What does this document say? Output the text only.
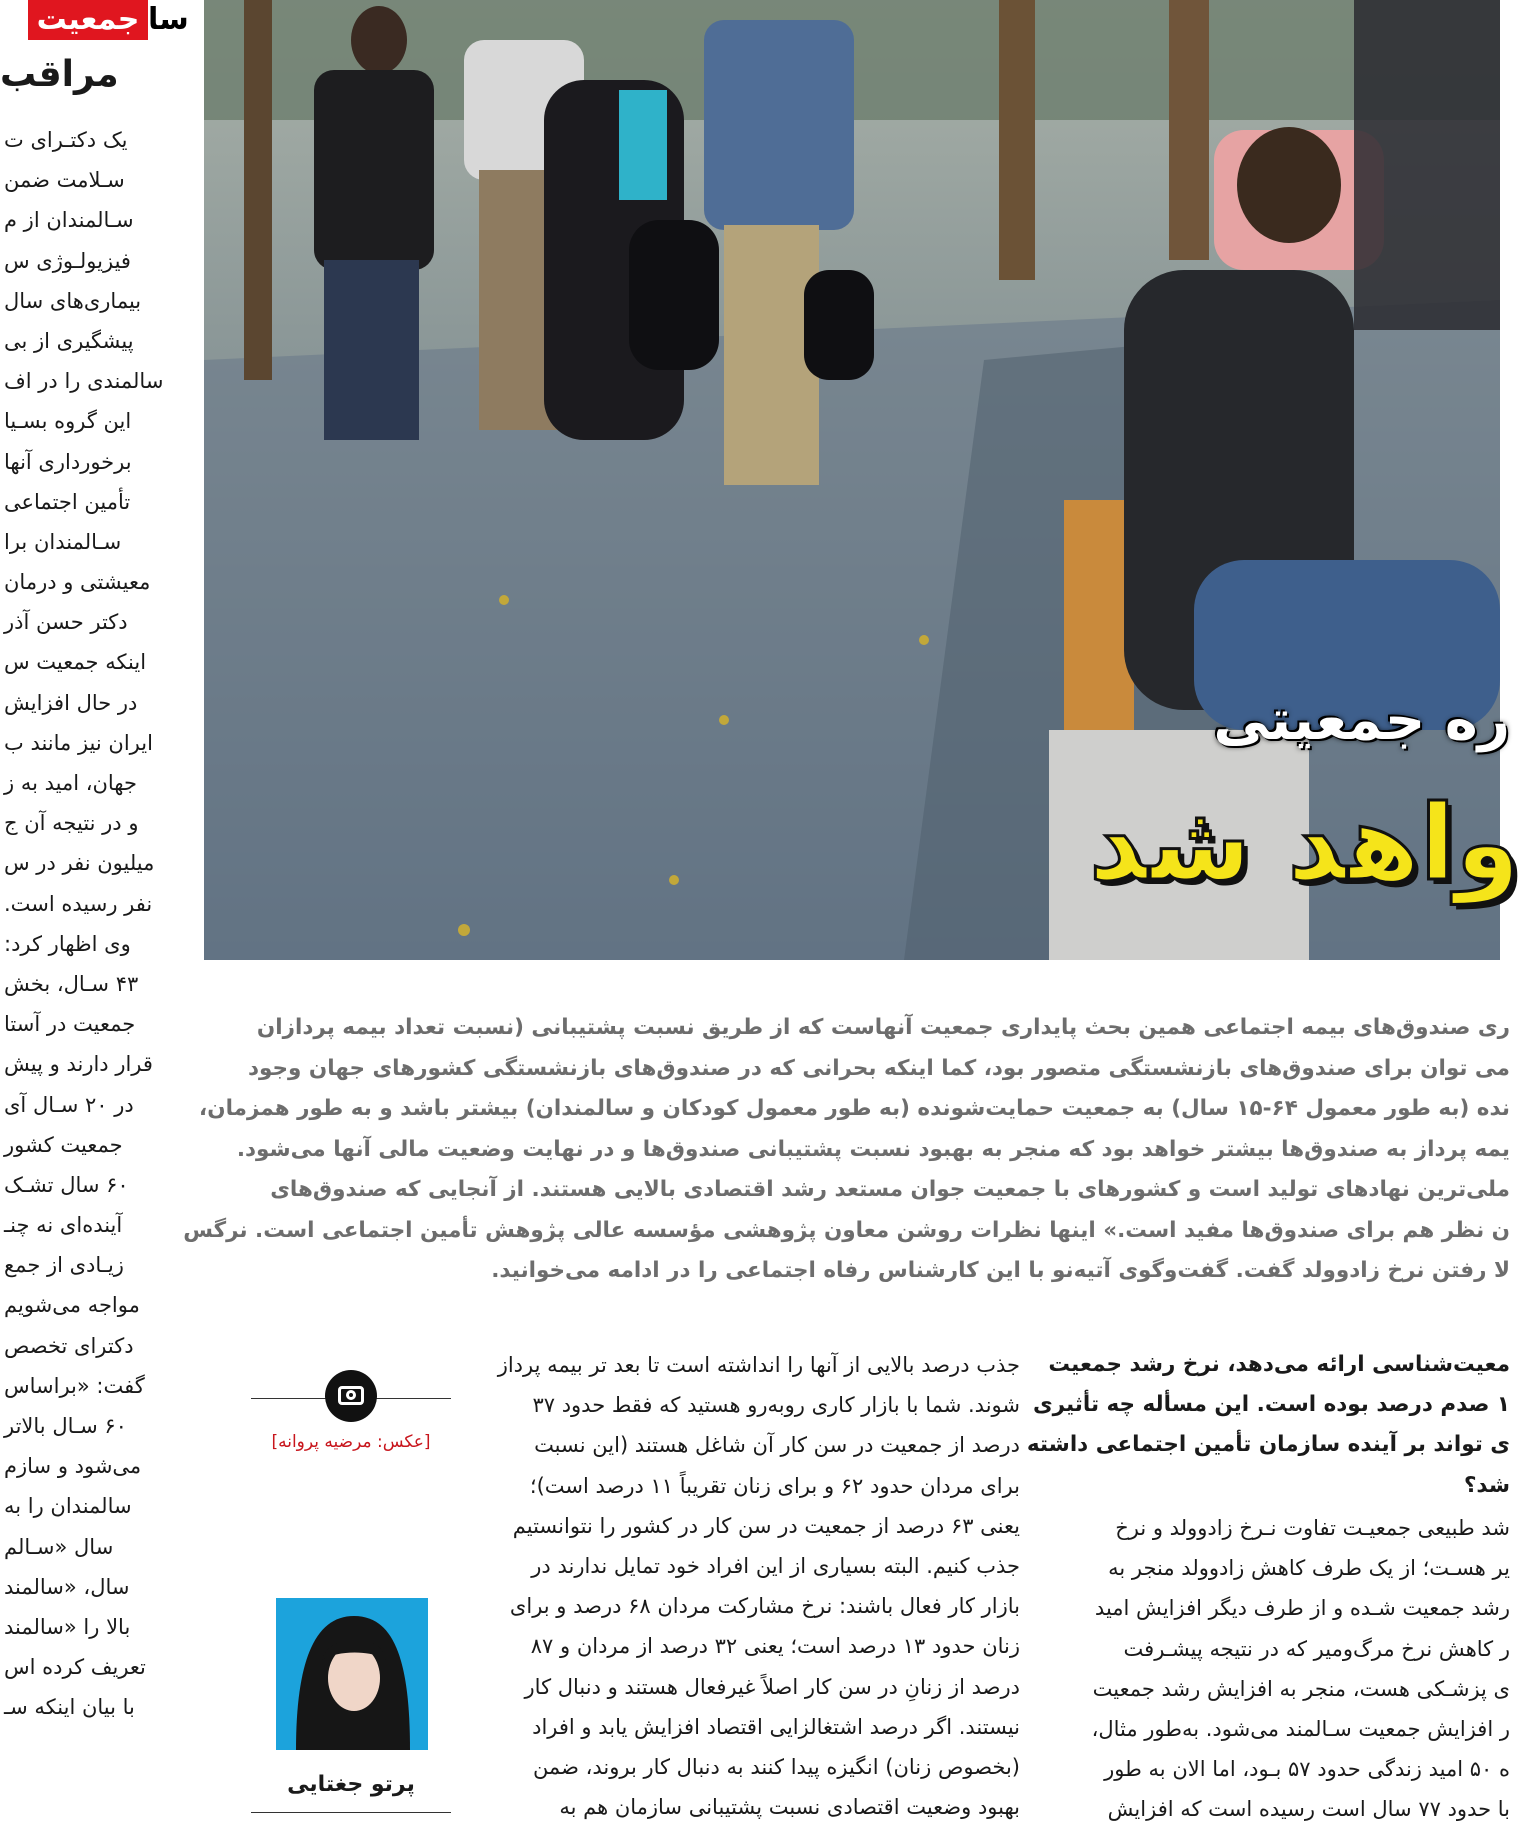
جمعیت سا
مراقب
یک دکتـرای ت
سـلامت ضمن
سـالمندان از م
فیزیولـوژی س
بیماری‌های سال
پیشگیری از بی
سالمندی را در اف
این گروه بسـیا
برخورداری آنها
تأمین اجتماعی
سـالمندان برا
معیشتی و درمان
دکتر حسن آذر
اینکه جمعیت س
در حال افزایش
ایران نیز مانند ب
جهان، امید به ز
و در نتیجه آن ج
میلیون نفر در س
نفر رسیده است.
وی اظهار کرد:
۴۳ سـال، بخش
جمعیت در آستا
قرار دارند و پیش
در ۲۰ سـال آی
جمعیت کشور
۶۰ سال تشـک
آینده‌ای نه چنـ
زیـادی از جمع
مواجه می‌شویم
دکترای تخصص
گفت: «براساس
۶۰ سـال بالاتر
می‌شود و سازم
سالمندان را به
سال «سـالم
سال، «سالمند
بالا را «سالمند
تعریف کرده اس
با بیان اینکه سـ
ره جمعیتی
واهد شد
ری صندوق‌های بیمه اجتماعی همین بحث پایداری جمعیت آنهاست که از طریق نسبت پشتیبانی (نسبت تعداد بیمه‌ پردازان
می توان برای صندوق‌های بازنشستگی متصور بود، کما اینکه بحرانی که در صندوق‌های بازنشستگی کشورهای جهان وجود
نده (به طور معمول ۶۴-۱۵ سال) به جمعیت حمایت‌شونده (به طور معمول کودکان و سالمندان) بیشتر باشد و به طور همزمان،
یمه‌ پرداز به صندوق‌ها بیشتر خواهد بود که منجر به بهبود نسبت پشتیبانی صندوق‌ها و در نهایت وضعیت مالی آنها می‌شود.
ملی‌ترین نهادهای تولید است و کشورهای با جمعیت جوان مستعد رشد اقتصادی بالایی هستند. از آنجایی که صندوق‌های
ن نظر هم برای صندوق‌ها مفید است.» اینها نظرات روشن معاون پژوهشی مؤسسه عالی پژوهش تأمین اجتماعی است. نرگس
لا رفتن نرخ زادوولد گفت. گفت‌وگوی آتیه‌نو با این کارشناس رفاه اجتماعی را در ادامه می‌خوانید.
[عکس: مرضیه پروانه]
پرتو جغتایی
جذب درصد بالایی از آنها را انداشته است تا بعد تر بیمه‌ پرداز
شوند. شما با بازار کاری روبه‌رو هستید که فقط حدود ۳۷
درصد از جمعیت در سن کار آن شاغل هستند (این نسبت
برای مردان حدود ۶۲ و برای زنان تقریباً ۱۱ درصد است)؛
یعنی ۶۳ درصد از جمعیت در سن کار در کشور را نتوانستیم
جذب کنیم. البته بسیاری از این افراد خود تمایل ندارند در
بازار کار فعال باشند: نرخ مشارکت مردان ۶۸ درصد و برای
زنان حدود ۱۳ درصد است؛ یعنی ۳۲ درصد از مردان و ۸۷
درصد از زنانِ در سن کار اصلاً غیرفعال هستند و دنبال کار
نیستند. اگر درصد اشتغالزایی اقتصاد افزایش یابد و افراد
(بخصوص زنان) انگیزه پیدا کنند به دنبال کار بروند، ضمن
بهبود وضعیت اقتصادی نسبت پشتیبانی سازمان هم به
معیت‌شناسی ارائه می‌دهد، نرخ رشد جمعیت
۱ صدم درصد بوده است. این مسأله چه تأثیری
ی تواند بر آینده سازمان تأمین اجتماعی داشته
شد؟
شد طبیعی جمعیـت تفاوت نـرخ زادوولد و نرخ
یر هسـت؛ از یک طرف کاهش زادوولد منجر به
رشد جمعیت شـده و از طرف دیگر افزایش امید
ر کاهش نرخ مرگ‌ومیر که در نتیجه پیشـرفت
ی پزشـکی هست، منجر به افزایش رشد جمعیت
ر افزایش جمعیت سـالمند می‌شود. به‌طور مثال،
ه ۵۰ امید زندگی حدود ۵۷ بـود، اما الان به طور
با حدود ۷۷ سال است رسیده است که افزایش
